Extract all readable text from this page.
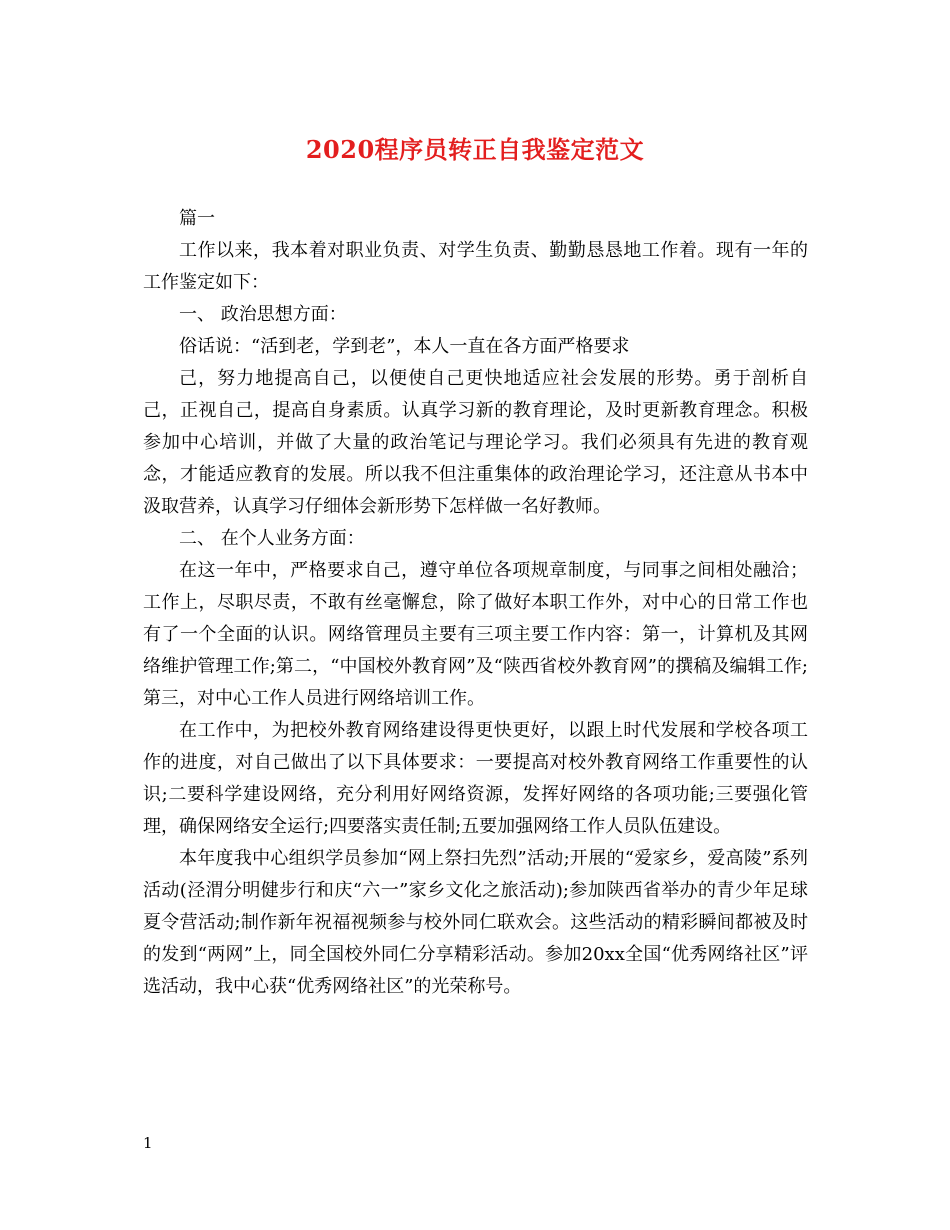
2020程序员转正自我鉴定范文

篇一

工作以来，我本着对职业负责、对学生负责、勤勤恳恳地工作着。现有一年的工作鉴定如下：

一、 政治思想方面：

俗话说：“活到老，学到老”，本人一直在各方面严格要求

己，努力地提高自己，以便使自己更快地适应社会发展的形势。勇于剖析自己，正视自己，提高自身素质。认真学习新的教育理论，及时更新教育理念。积极参加中心培训，并做了大量的政治笔记与理论学习。我们必须具有先进的教育观念，才能适应教育的发展。所以我不但注重集体的政治理论学习，还注意从书本中汲取营养，认真学习仔细体会新形势下怎样做一名好教师。

二、 在个人业务方面：

在这一年中，严格要求自己，遵守单位各项规章制度，与同事之间相处融洽；工作上，尽职尽责，不敢有丝毫懈怠，除了做好本职工作外，对中心的日常工作也有了一个全面的认识。网络管理员主要有三项主要工作内容：第一，计算机及其网络维护管理工作;第二，“中国校外教育网”及“陕西省校外教育网”的撰稿及编辑工作;第三，对中心工作人员进行网络培训工作。

在工作中，为把校外教育网络建设得更快更好，以跟上时代发展和学校各项工作的进度，对自己做出了以下具体要求：一要提高对校外教育网络工作重要性的认识;二要科学建设网络，充分利用好网络资源，发挥好网络的各项功能;三要强化管理，确保网络安全运行;四要落实责任制;五要加强网络工作人员队伍建设。

本年度我中心组织学员参加“网上祭扫先烈”活动;开展的“爱家乡，爱高陵”系列活动(泾渭分明健步行和庆“六一”家乡文化之旅活动);参加陕西省举办的青少年足球夏令营活动;制作新年祝福视频参与校外同仁联欢会。这些活动的精彩瞬间都被及时的发到“两网”上，同全国校外同仁分享精彩活动。参加20xx全国“优秀网络社区”评选活动，我中心获“优秀网络社区”的光荣称号。

1
